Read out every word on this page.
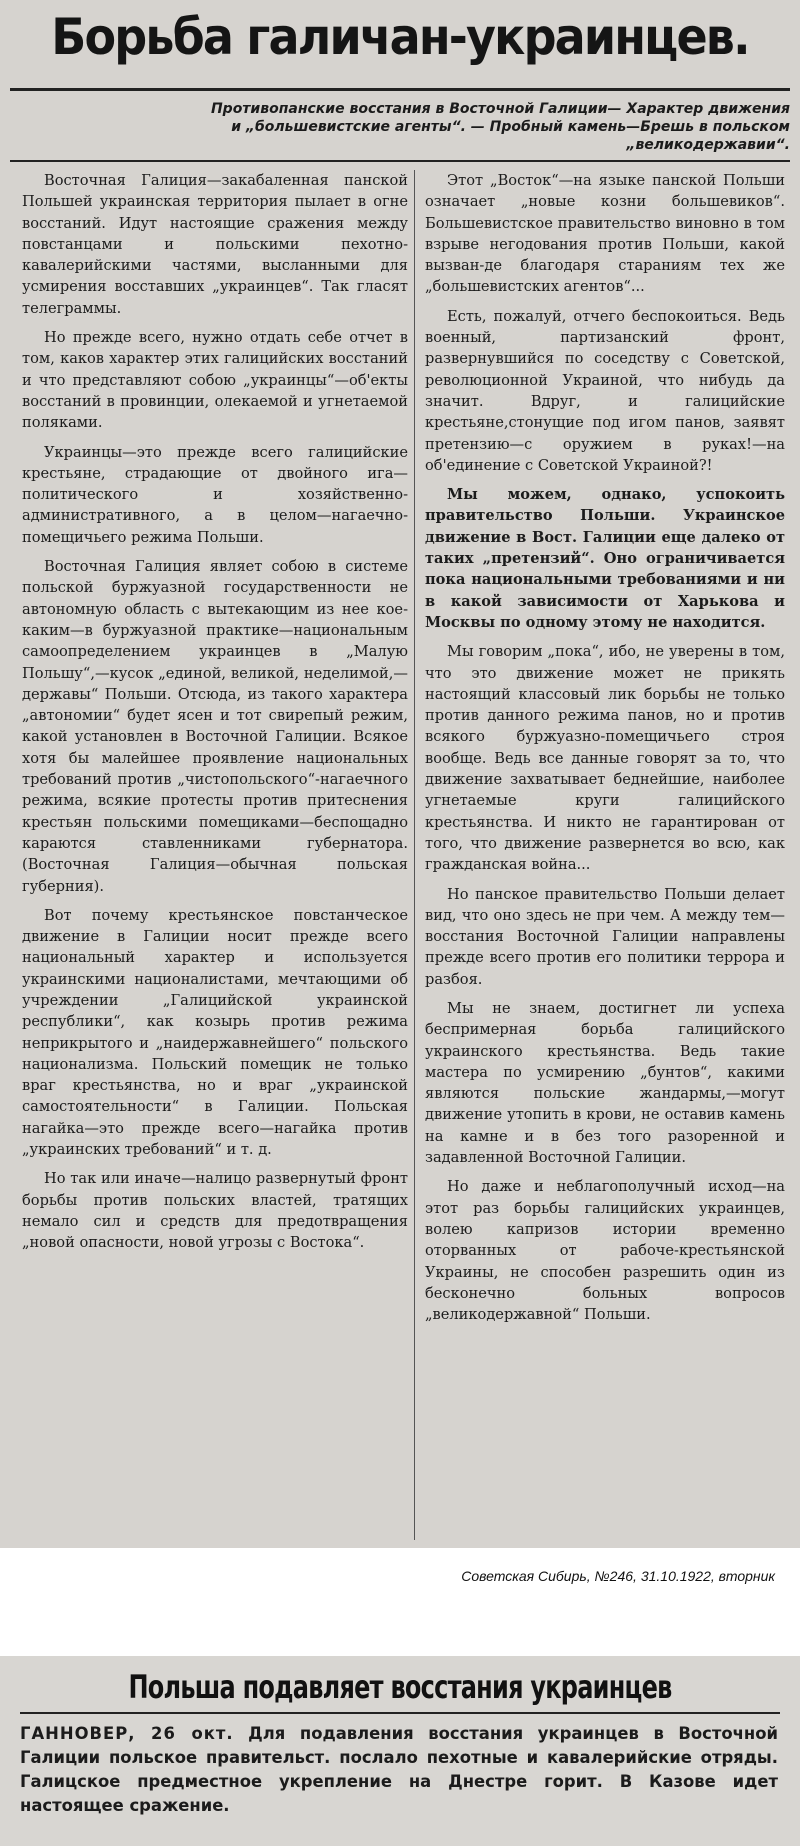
Борьба галичан-украинцев.
Противопанские восстания в Восточной Галиции— Характер движения и „большевистские агенты“. — Пробный камень—Брешь в польском „великодержавии“.

Восточная Галиция—закабаленная панской Польшей украинская территория пылает в огне восстаний. Идут настоящие сражения между повстанцами и польскими пехотно-кавалерийскими частями, высланными для усмирения восставших „украинцев“. Так гласят телеграммы.

Но прежде всего, нужно отдать себе отчет в том, каков характер этих галицийских восстаний и что представляют собою „украинцы“—об'екты восстаний в провинции, олекаемой и угнетаемой поляками.

Украинцы—это прежде всего галицийские крестьяне, страдающие от двойного ига—политического и хозяйственно-административного, а в целом—нагаечно-помещичьего режима Польши.

Восточная Галиция являет собою в системе польской буржуазной государственности не автономную область с вытекающим из нее кое-каким—в буржуазной практике—национальным самоопределением украинцев в „Малую Польшу“,—кусок „единой, великой, неделимой,—державы“ Польши. Отсюда, из такого характера „автономии“ будет ясен и тот свирепый режим, какой установлен в Восточной Галиции. Всякое хотя бы малейшее проявление национальных требований против „чистопольского“-нагаечного режима, всякие протесты против притеснения крестьян польскими помещиками—беспощадно караются ставленниками губернатора. (Восточная Галиция—обычная польская губерния).

Вот почему крестьянское повстанческое движение в Галиции носит прежде всего национальный характер и используется украинскими националистами, мечтающими об учреждении „Галицийской украинской республики“, как козырь против режима неприкрытого и „наидержавнейшего“ польского национализма. Польский помещик не только враг крестьянства, но и враг „украинской самостоятельности“ в Галиции. Польская нагайка—это прежде всего—нагайка против „украинских требований“ и т. д.

Но так или иначе—налицо развернутый фронт борьбы против польских властей, тратящих немало сил и средств для предотвращения „новой опасности, новой угрозы с Востока“.

Этот „Восток“—на языке панской Польши означает „новые козни большевиков“. Большевистское правительство виновно в том взрыве негодования против Польши, какой вызван-де благодаря стараниям тех же „большевистских агентов“...

Есть, пожалуй, отчего беспокоиться. Ведь военный, партизанский фронт, развернувшийся по соседству с Советской, революционной Украиной, что нибудь да значит. Вдруг, и галицийские крестьяне,стонущие под игом панов, заявят претензию—с оружием в руках!—на об'единение с Советской Украиной?!

Мы можем, однако, успокоить правительство Польши. Украинское движение в Вост. Галиции еще далеко от таких „претензий“. Оно ограничивается пока национальными требованиями и ни в какой зависимости от Харькова и Москвы по одному этому не находится.

Мы говорим „пока“, ибо, не уверены в том, что это движение может не прикять настоящий классовый лик борьбы не только против данного режима панов, но и против всякого буржуазно-помещичьего строя вообще. Ведь все данные говорят за то, что движение захватывает беднейшие, наиболее угнетаемые круги галицийского крестьянства. И никто не гарантирован от того, что движение развернется во всю, как гражданская война...

Но панское правительство Польши делает вид, что оно здесь не при чем. А между тем—восстания Восточной Галиции направлены прежде всего против его политики террора и разбоя.

Мы не знаем, достигнет ли успеха беспримерная борьба галицийского украинского крестьянства. Ведь такие мастера по усмирению „бунтов“, какими являются польские жандармы,—могут движение утопить в крови, не оставив камень на камне и в без того разоренной и задавленной Восточной Галиции.

Но даже и неблагополучный исход—на этот раз борьбы галицийских украинцев, волею капризов истории временно оторванных от рабоче-крестьянской Украины, не способен разрешить один из бесконечно больных вопросов „великодержавной“ Польши.

Советская Сибирь, №246, 31.10.1922, вторник
Польша подавляет восстания украинцев
ГАННОВЕР, 26 окт. Для подавления восстания украинцев в Восточной Галиции польское правительст. послало пехотные и кавалерийские отряды. Галицское предместное укрепление на Днестре горит. В Казове идет настоящее сражение.
